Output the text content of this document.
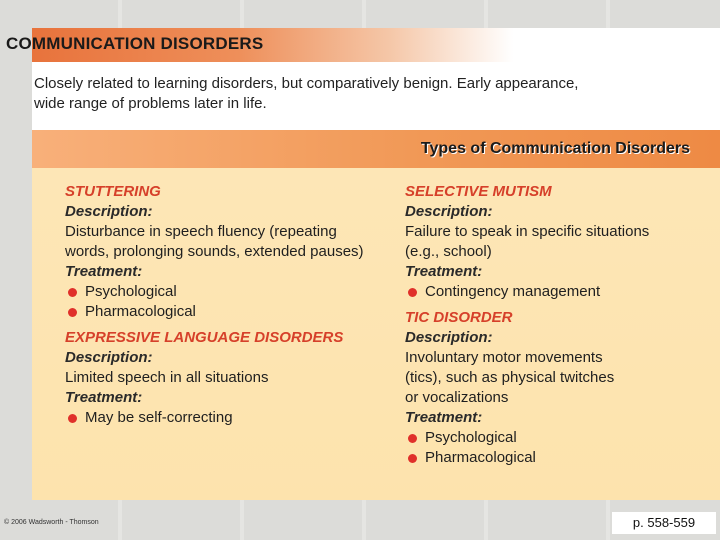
COMMUNICATION DISORDERS
Closely related to learning disorders, but comparatively benign. Early appearance,
wide range of problems later in life.
Types of Communication Disorders
STUTTERING
Description:
Disturbance in speech fluency (repeating
words, prolonging sounds, extended pauses)
Treatment:
Psychological
Pharmacological
EXPRESSIVE LANGUAGE DISORDERS
Description:
Limited speech in all situations
Treatment:
May be self-correcting
SELECTIVE MUTISM
Description:
Failure to speak in specific situations
(e.g., school)
Treatment:
Contingency management
TIC DISORDER
Description:
Involuntary motor movements
(tics), such as physical twitches
or vocalizations
Treatment:
Psychological
Pharmacological
© 2006 Wadsworth - Thomson	p. 558-559
